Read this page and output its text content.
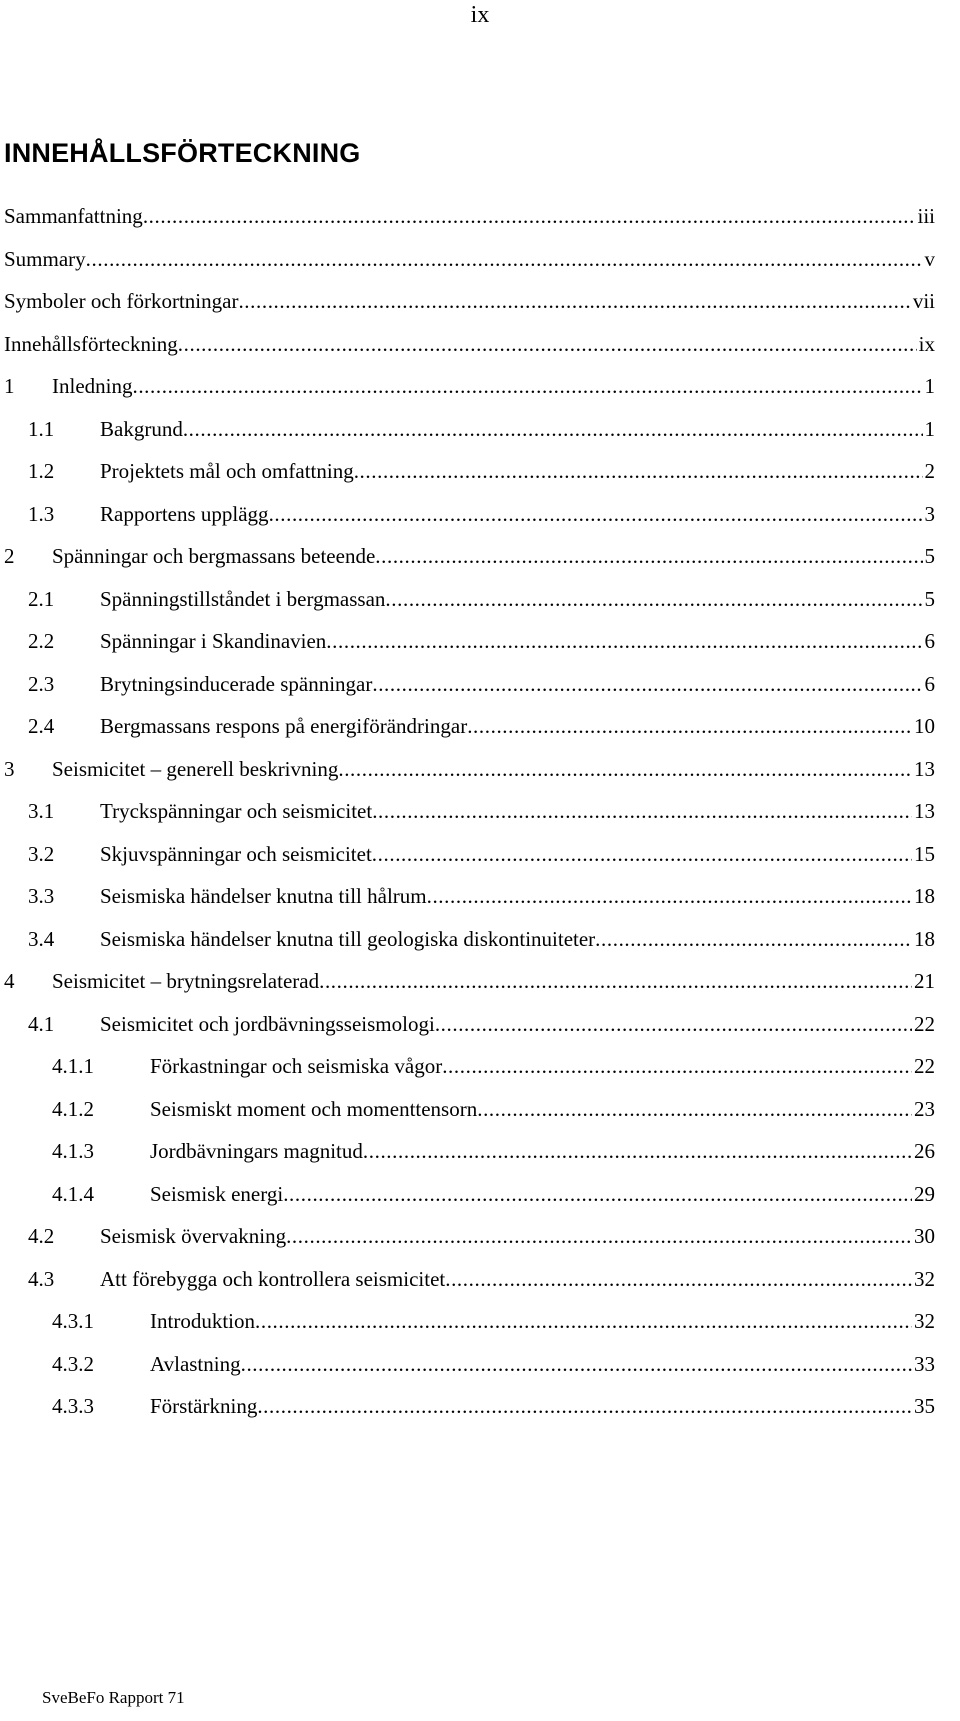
ix
INNEHÅLLSFÖRTECKNING
Sammanfattning .....	iii
Summary .....	v
Symboler och förkortningar .....	vii
Innehållsförteckning .....	ix
1 Inledning .....	1
1.1 Bakgrund .....	1
1.2 Projektets mål och omfattning .....	2
1.3 Rapportens upplägg .....	3
2 Spänningar och bergmassans beteende .....	5
2.1 Spänningstillståndet i bergmassan .....	5
2.2 Spänningar i Skandinavien .....	6
2.3 Brytningsinducerade spänningar .....	6
2.4 Bergmassans respons på energiförändringar .....	10
3 Seismicitet – generell beskrivning .....	13
3.1 Tryckspänningar och seismicitet .....	13
3.2 Skjuvspänningar och seismicitet .....	15
3.3 Seismiska händelser knutna till hålrum .....	18
3.4 Seismiska händelser knutna till geologiska diskontinuiteter .....	18
4 Seismicitet – brytningsrelaterad .....	21
4.1 Seismicitet och jordbävningsseismologi .....	22
4.1.1	Förkastningar och seismiska vågor .....	22
4.1.2	Seismiskt moment och momenttensorn .....	23
4.1.3	Jordbävningars magnitud .....	26
4.1.4	Seismisk energi .....	29
4.2 Seismisk övervakning .....	30
4.3 Att förebygga och kontrollera seismicitet .....	32
4.3.1	Introduktion .....	32
4.3.2	Avlastning .....	33
4.3.3	Förstärkning .....	35
SveBeFo Rapport 71
